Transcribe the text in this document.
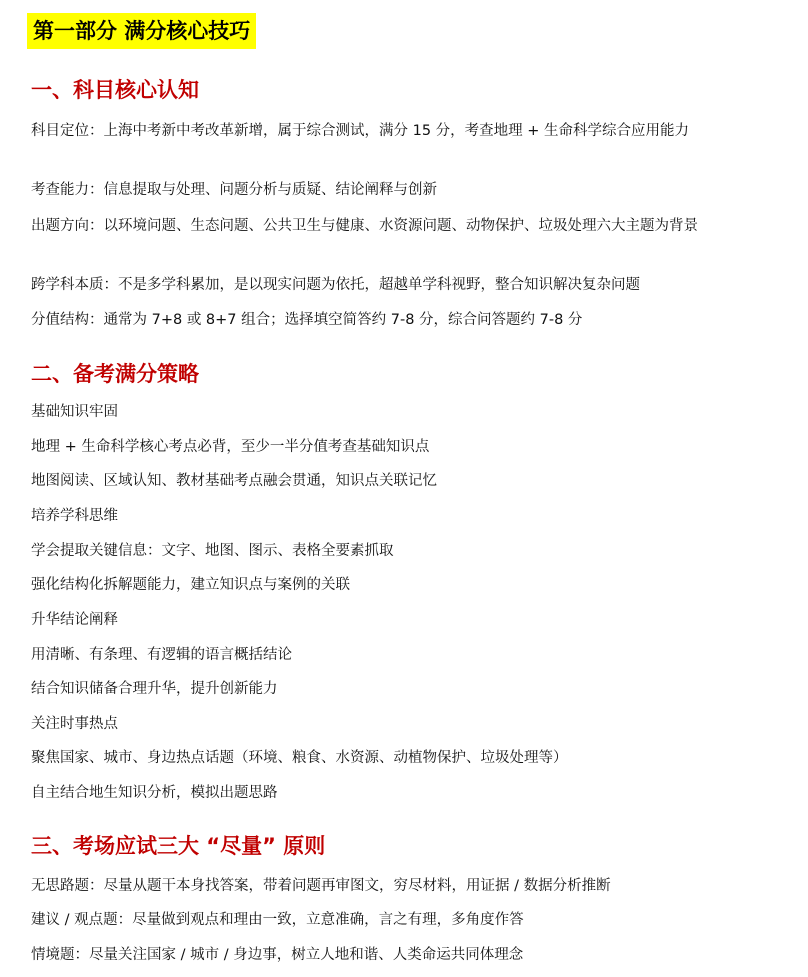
第一部分 满分核心技巧
一、科目核心认知
科目定位：上海中考新中考改革新增，属于综合测试，满分 15 分，考查地理 + 生命科学综合应用能力
考查能力：信息提取与处理、问题分析与质疑、结论阐释与创新
出题方向：以环境问题、生态问题、公共卫生与健康、水资源问题、动物保护、垃圾处理六大主题为背景
跨学科本质：不是多学科累加，是以现实问题为依托，超越单学科视野，整合知识解决复杂问题
分值结构：通常为 7+8 或 8+7 组合；选择填空简答约 7-8 分，综合问答题约 7-8 分
二、备考满分策略
基础知识牢固
地理 + 生命科学核心考点必背，至少一半分值考查基础知识点
地图阅读、区域认知、教材基础考点融会贯通，知识点关联记忆
培养学科思维
学会提取关键信息：文字、地图、图示、表格全要素抓取
强化结构化拆解题能力，建立知识点与案例的关联
升华结论阐释
用清晰、有条理、有逻辑的语言概括结论
结合知识储备合理升华，提升创新能力
关注时事热点
聚焦国家、城市、身边热点话题（环境、粮食、水资源、动植物保护、垃圾处理等）
自主结合地生知识分析，模拟出题思路
三、考场应试三大 “尽量” 原则
无思路题：尽量从题干本身找答案，带着问题再审图文，穷尽材料，用证据 / 数据分析推断
建议 / 观点题：尽量做到观点和理由一致，立意准确，言之有理，多角度作答
情境题：尽量关注国家 / 城市 / 身边事，树立人地和谐、人类命运共同体理念
